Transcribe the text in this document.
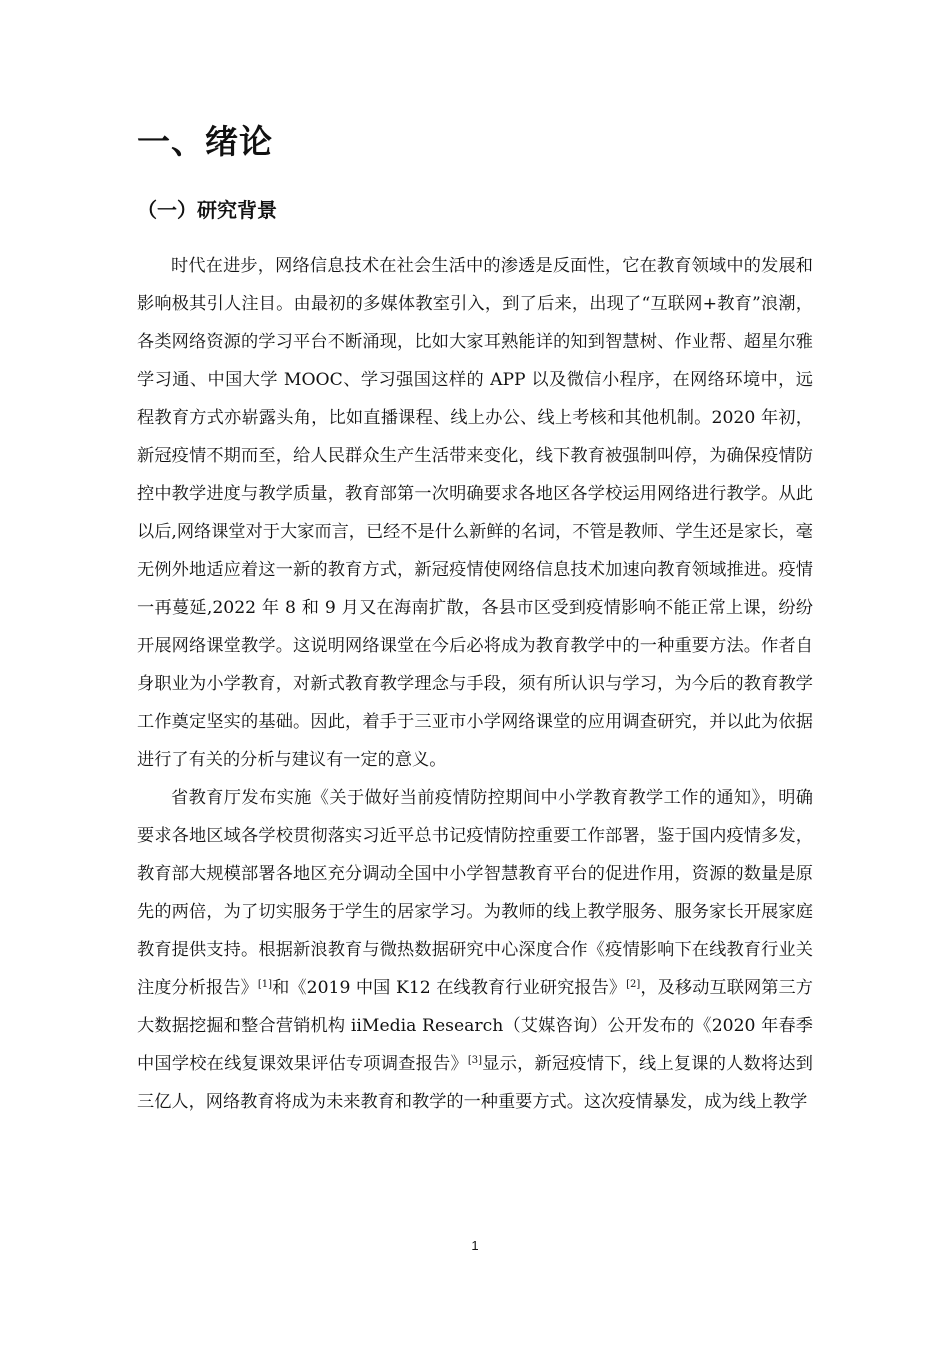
一、绪论
（一）研究背景

时代在进步，网络信息技术在社会生活中的渗透是反面性，它在教育领域中的发展和影响极其引人注目。由最初的多媒体教室引入，到了后来，出现了“互联网+教育”浪潮，各类网络资源的学习平台不断涌现，比如大家耳熟能详的知到智慧树、作业帮、超星尔雅学习通、中国大学 MOOC、学习强国这样的 APP 以及微信小程序，在网络环境中，远程教育方式亦崭露头角，比如直播课程、线上办公、线上考核和其他机制。2020 年初，新冠疫情不期而至，给人民群众生产生活带来变化，线下教育被强制叫停，为确保疫情防控中教学进度与教学质量，教育部第一次明确要求各地区各学校运用网络进行教学。从此以后,网络课堂对于大家而言，已经不是什么新鲜的名词，不管是教师、学生还是家长，毫无例外地适应着这一新的教育方式，新冠疫情使网络信息技术加速向教育领域推进。疫情一再蔓延,2022 年 8 和 9 月又在海南扩散，各县市区受到疫情影响不能正常上课，纷纷开展网络课堂教学。这说明网络课堂在今后必将成为教育教学中的一种重要方法。作者自身职业为小学教育，对新式教育教学理念与手段，须有所认识与学习，为今后的教育教学工作奠定坚实的基础。因此，着手于三亚市小学网络课堂的应用调查研究，并以此为依据进行了有关的分析与建议有一定的意义。

省教育厅发布实施《关于做好当前疫情防控期间中小学教育教学工作的通知》，明确要求各地区域各学校贯彻落实习近平总书记疫情防控重要工作部署，鉴于国内疫情多发，教育部大规模部署各地区充分调动全国中小学智慧教育平台的促进作用，资源的数量是原先的两倍，为了切实服务于学生的居家学习。为教师的线上教学服务、服务家长开展家庭教育提供支持。根据新浪教育与微热数据研究中心深度合作《疫情影响下在线教育行业关注度分析报告》[1]和《2019 中国 K12 在线教育行业研究报告》[2]，及移动互联网第三方大数据挖掘和整合营销机构 iiMedia Research（艾媒咨询）公开发布的《2020 年春季中国学校在线复课效果评估专项调查报告》[3]显示，新冠疫情下，线上复课的人数将达到三亿人，网络教育将成为未来教育和教学的一种重要方式。这次疫情暴发，成为线上教学

1
